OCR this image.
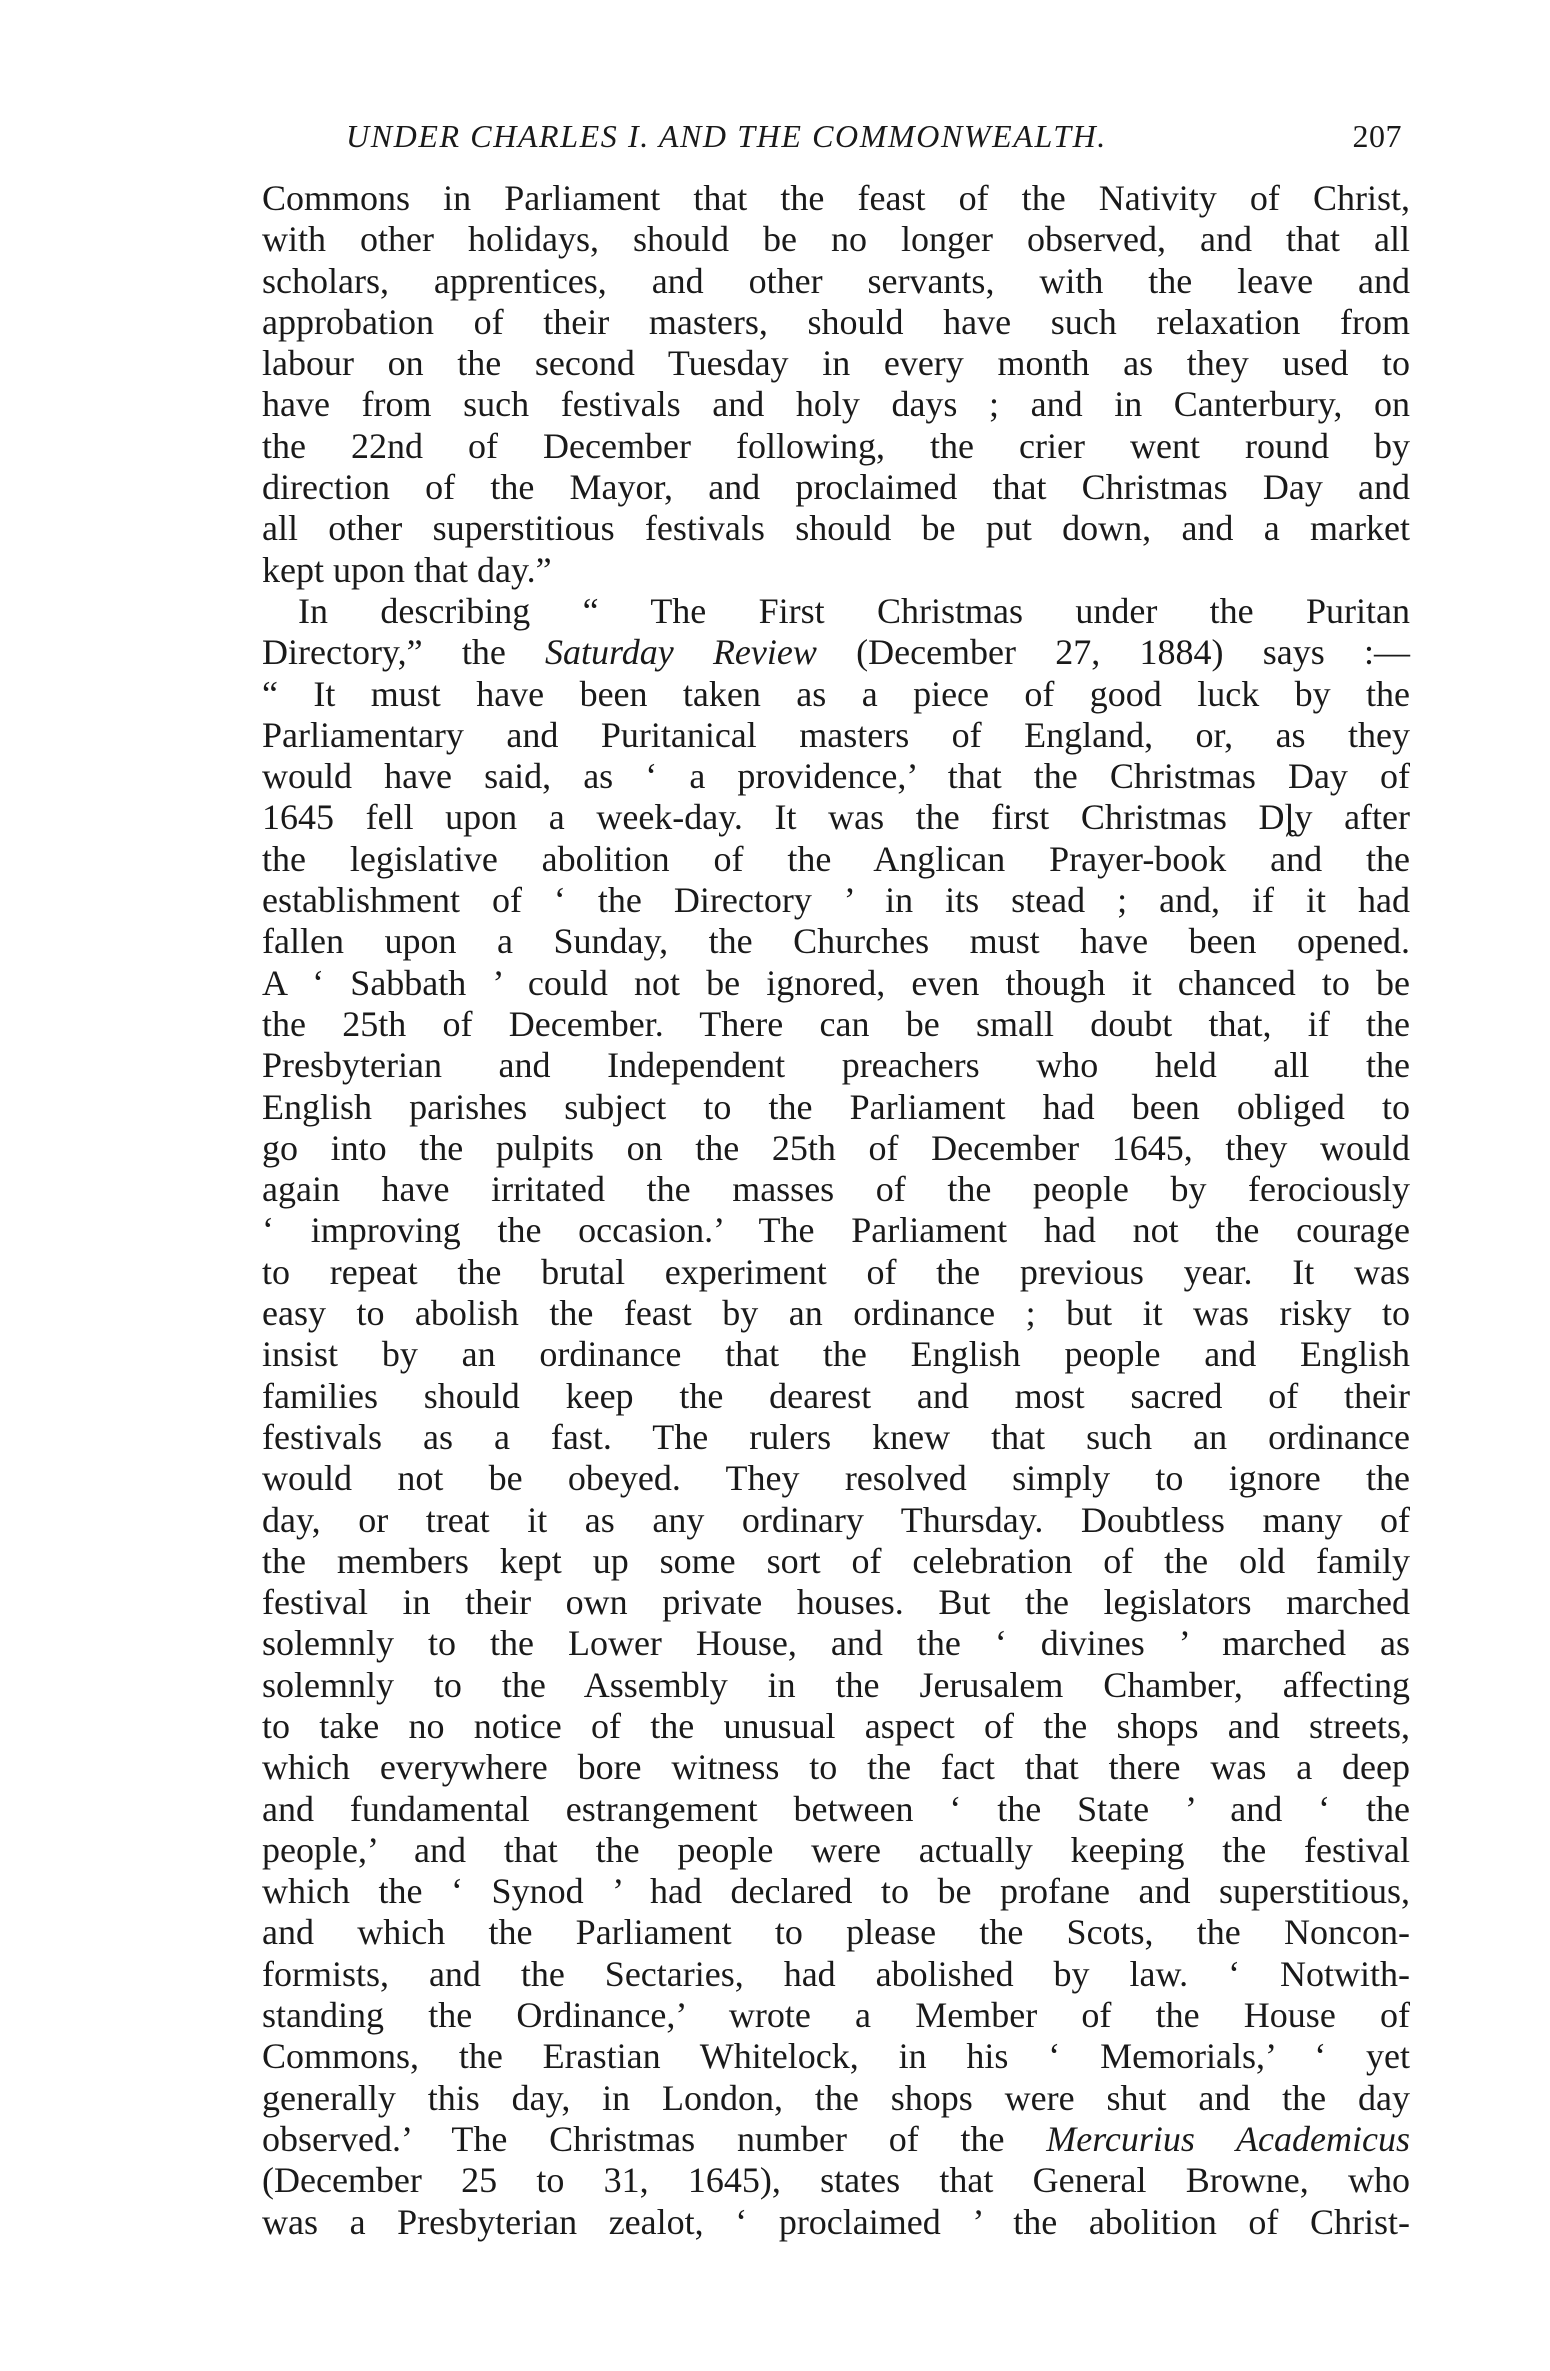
UNDER CHARLES I. AND THE COMMONWEALTH.	207
Commons in Parliament that the feast of the Nativity of Christ,
with other holidays, should be no longer observed, and that all
scholars, apprentices, and other servants, with the leave and
approbation of their masters, should have such relaxation from
labour on the second Tuesday in every month as they used to
have from such festivals and holy days ; and in Canterbury, on
the 22nd of December following, the crier went round by
direction of the Mayor, and proclaimed that Christmas Day and
all other superstitious festivals should be put down, and a market
kept upon that day.”
In describing “ The First Christmas under the Puritan
Directory,” the Saturday Review (December 27, 1884) says :—
“ It must have been taken as a piece of good luck by the
Parliamentary and Puritanical masters of England, or, as they
would have said, as ‘ a providence,’ that the Christmas Day of
1645 fell upon a week-day. It was the first Christmas Dȴy after
the legislative abolition of the Anglican Prayer-book and the
establishment of ‘ the Directory ’ in its stead ; and, if it had
fallen upon a Sunday, the Churches must have been opened.
A ‘ Sabbath ’ could not be ignored, even though it chanced to be
the 25th of December. There can be small doubt that, if the
Presbyterian and Independent preachers who held all the
English parishes subject to the Parliament had been obliged to
go into the pulpits on the 25th of December 1645, they would
again have irritated the masses of the people by ferociously
‘ improving the occasion.’ The Parliament had not the courage
to repeat the brutal experiment of the previous year. It was
easy to abolish the feast by an ordinance ; but it was risky to
insist by an ordinance that the English people and English
families should keep the dearest and most sacred of their
festivals as a fast. The rulers knew that such an ordinance
would not be obeyed. They resolved simply to ignore the
day, or treat it as any ordinary Thursday. Doubtless many of
the members kept up some sort of celebration of the old family
festival in their own private houses. But the legislators marched
solemnly to the Lower House, and the ‘ divines ’ marched as
solemnly to the Assembly in the Jerusalem Chamber, affecting
to take no notice of the unusual aspect of the shops and streets,
which everywhere bore witness to the fact that there was a deep
and fundamental estrangement between ‘ the State ’ and ‘ the
people,’ and that the people were actually keeping the festival
which the ‘ Synod ’ had declared to be profane and superstitious,
and which the Parliament to please the Scots, the Noncon-
formists, and the Sectaries, had abolished by law. ‘ Notwith-
standing the Ordinance,’ wrote a Member of the House of
Commons, the Erastian Whitelock, in his ‘ Memorials,’ ‘ yet
generally this day, in London, the shops were shut and the day
observed.’ The Christmas number of the Mercurius Academicus
(December 25 to 31, 1645), states that General Browne, who
was a Presbyterian zealot, ‘ proclaimed ’ the abolition of Christ-
